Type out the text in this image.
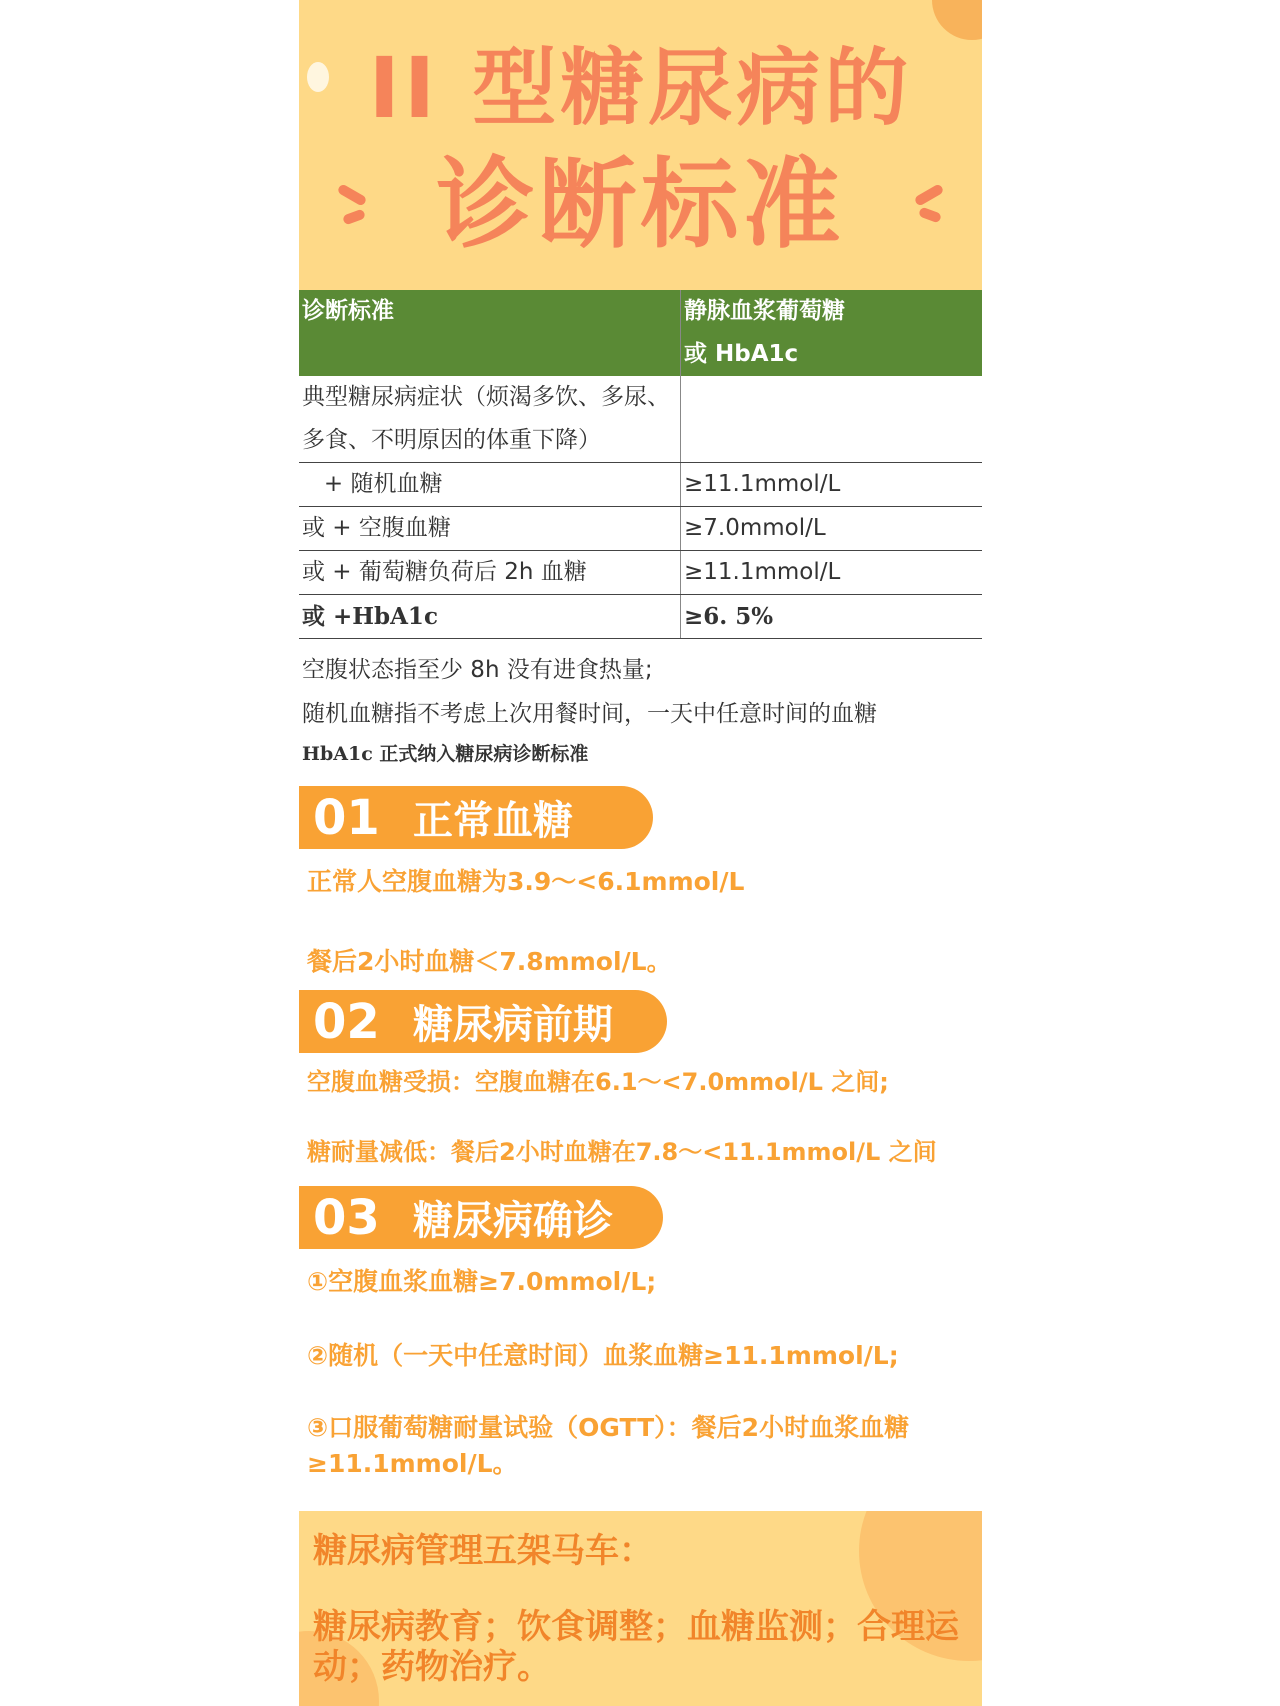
II 型糖尿病的
诊断标准
诊断标准	静脉血浆葡萄糖
或 HbA1c

典型糖尿病症状（烦渴多饮、多尿、多食、不明原因的体重下降）	
+ 随机血糖	≥11.1mmol/L
或 + 空腹血糖	≥7.0mmol/L
或 + 葡萄糖负荷后 2h 血糖	≥11.1mmol/L
或 +HbA1c	≥6. 5%
空腹状态指至少 8h 没有进食热量;
随机血糖指不考虑上次用餐时间，一天中任意时间的血糖
HbA1c 正式纳入糖尿病诊断标准
01 正常血糖
正常人空腹血糖为3.9～<6.1mmol/L
餐后2小时血糖＜7.8mmol/L。
02 糖尿病前期
空腹血糖受损：空腹血糖在6.1～<7.0mmol/L 之间;
糖耐量减低：餐后2小时血糖在7.8～<11.1mmol/L 之间
03 糖尿病确诊
①空腹血浆血糖≥7.0mmol/L;
②随机（一天中任意时间）血浆血糖≥11.1mmol/L;
③口服葡萄糖耐量试验（OGTT）：餐后2小时血浆血糖≥11.1mmol/L。
糖尿病管理五架马车：
糖尿病教育；饮食调整；血糖监测；合理运动；药物治疗。
